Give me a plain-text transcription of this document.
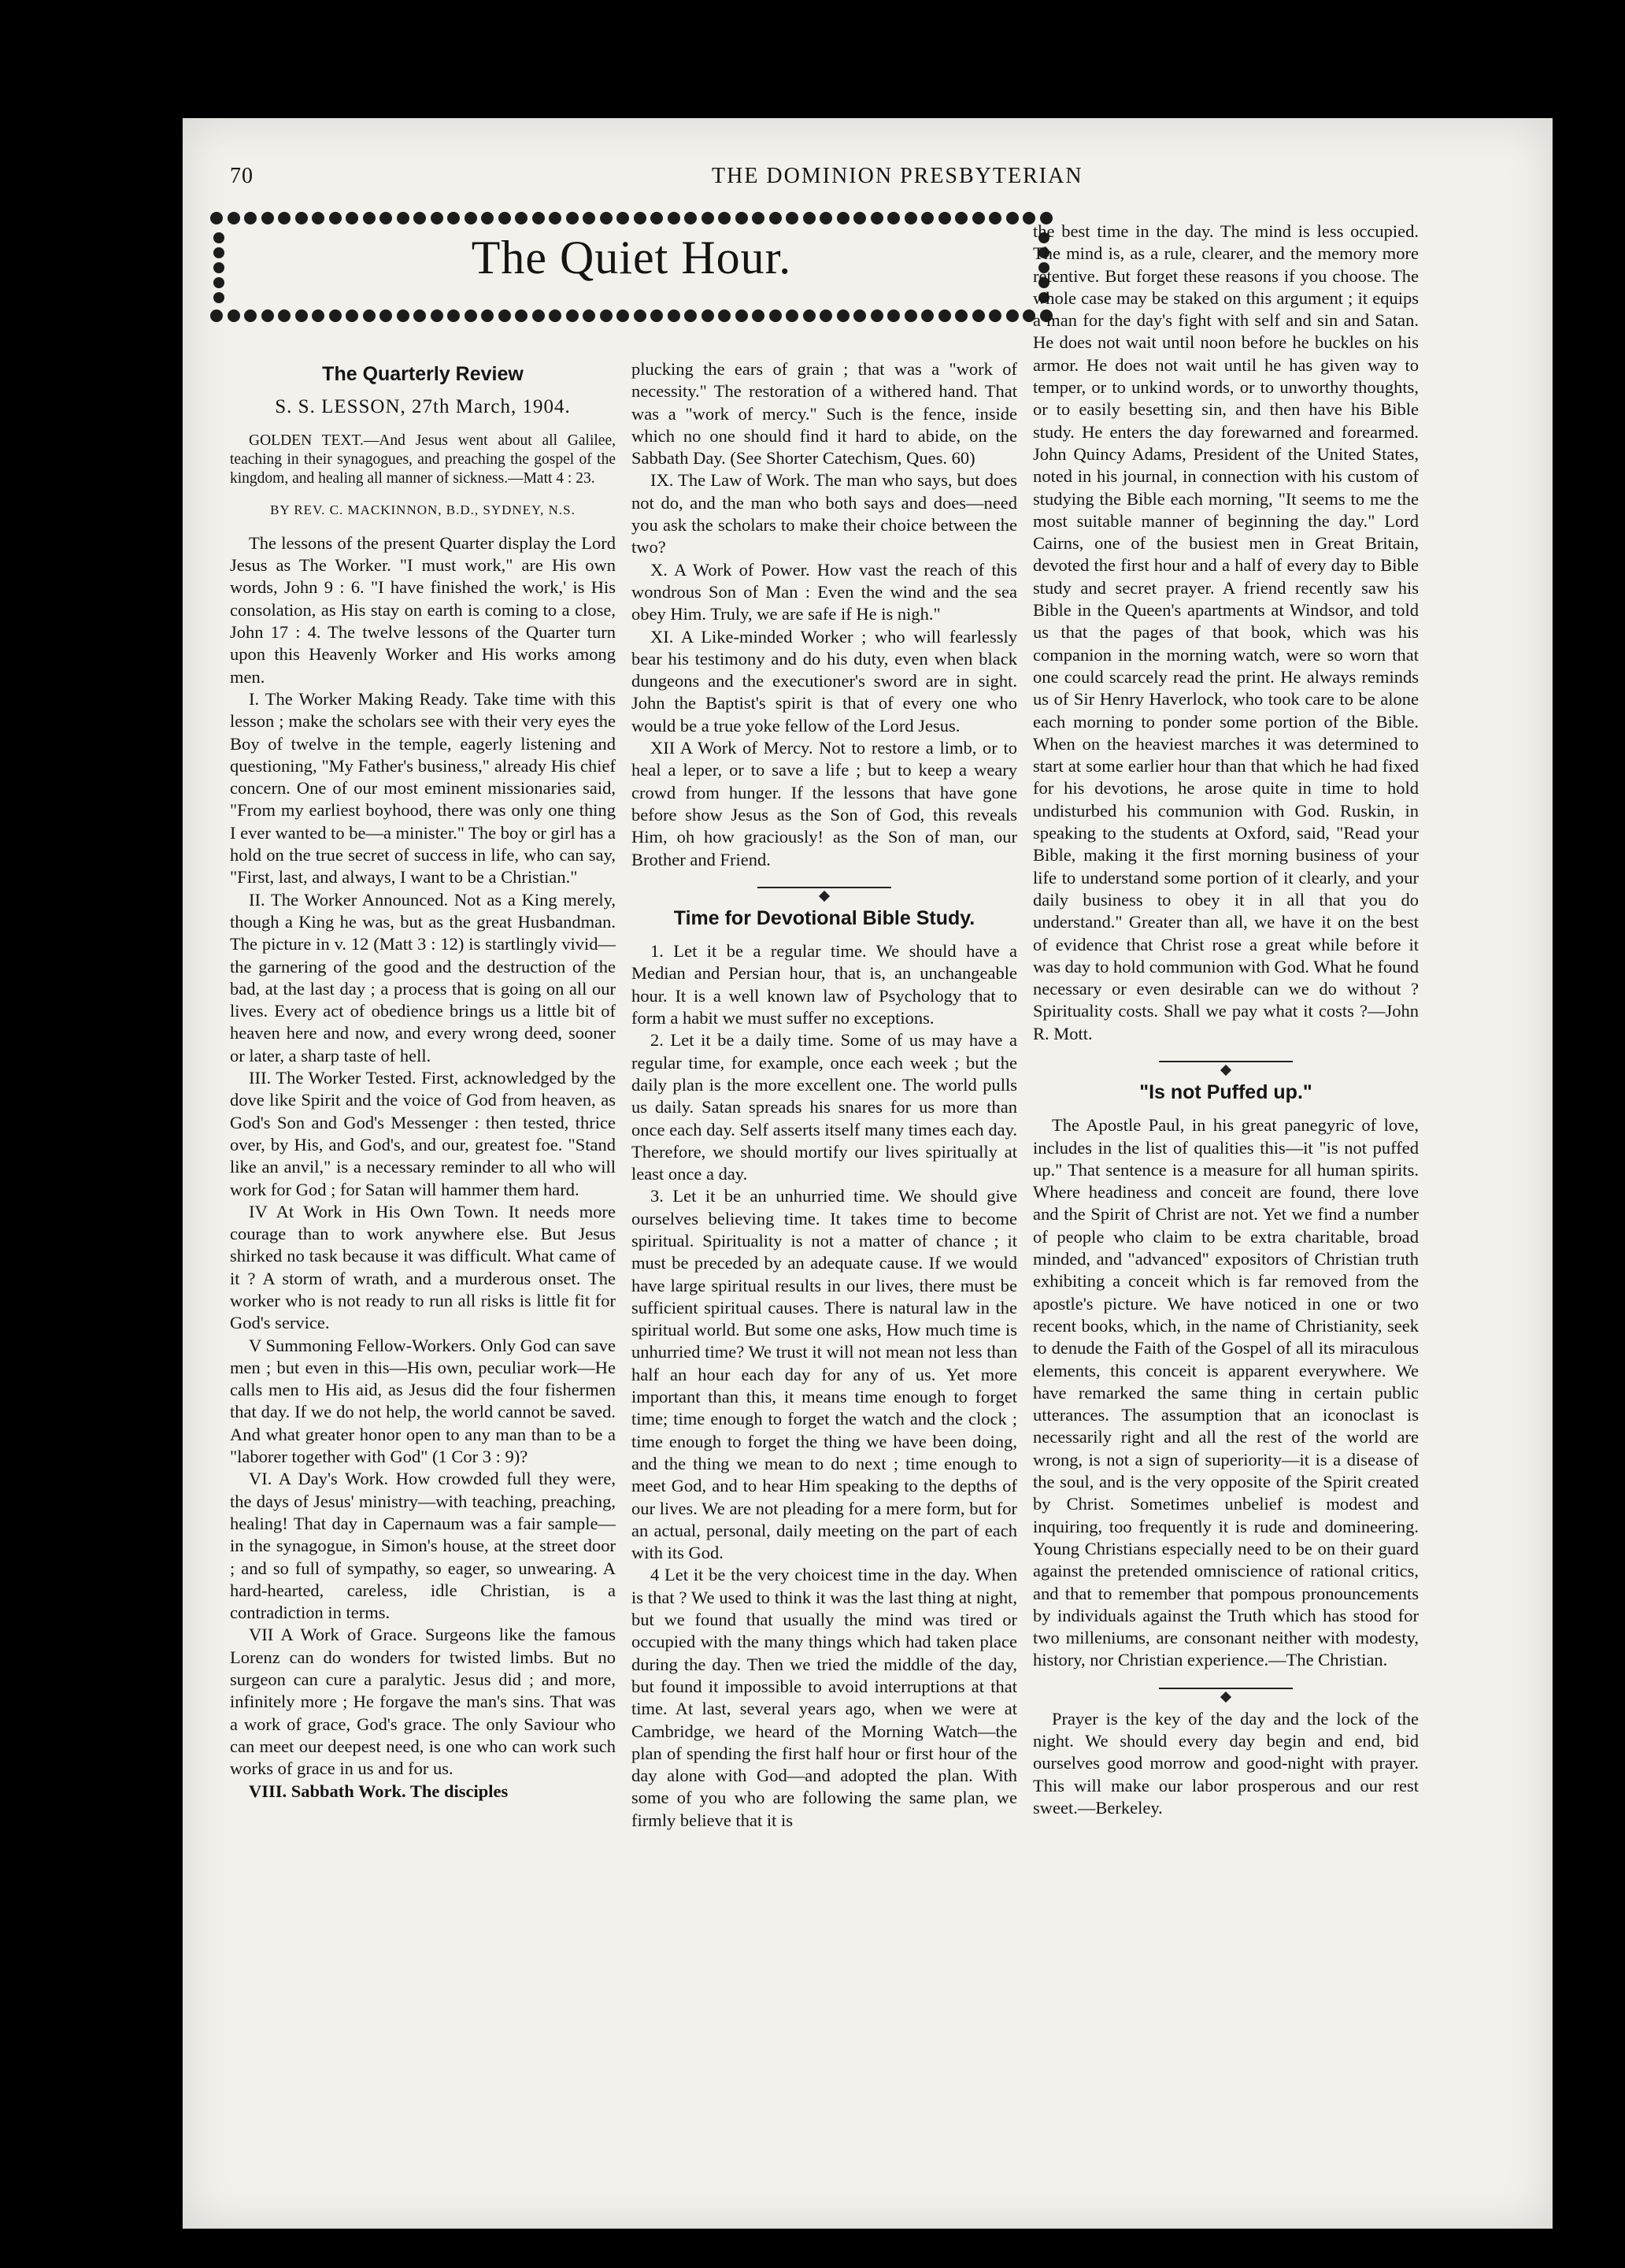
70	THE DOMINION PRESBYTERIAN
The Quiet Hour.
The Quarterly Review
S. S. LESSON, 27th March, 1904.

GOLDEN TEXT.—And Jesus went about all Galilee, teaching in their synagogues, and preaching the gospel of the kingdom, and healing all manner of sickness.—Matt 4 : 23.

BY REV. C. MACKINNON, B.D., SYDNEY, N.S.

The lessons of the present Quarter display the Lord Jesus as The Worker. "I must work," are His own words, John 9 : 6. "I have finished the work,' is His consolation, as His stay on earth is coming to a close, John 17 : 4. The twelve lessons of the Quarter turn upon this Heavenly Worker and His works among men.

I. The Worker Making Ready. Take time with this lesson ; make the scholars see with their very eyes the Boy of twelve in the temple, eagerly listening and questioning, "My Father's business," already His chief concern. One of our most eminent missionaries said, "From my earliest boyhood, there was only one thing I ever wanted to be—a minister." The boy or girl has a hold on the true secret of success in life, who can say, "First, last, and always, I want to be a Christian."

II. The Worker Announced. Not as a King merely, though a King he was, but as the great Husbandman. The picture in v. 12 (Matt 3 : 12) is startlingly vivid—the garnering of the good and the destruction of the bad, at the last day ; a process that is going on all our lives. Every act of obedience brings us a little bit of heaven here and now, and every wrong deed, sooner or later, a sharp taste of hell.

III. The Worker Tested. First, acknowledged by the dove like Spirit and the voice of God from heaven, as God's Son and God's Messenger : then tested, thrice over, by His, and God's, and our, greatest foe. "Stand like an anvil," is a necessary reminder to all who will work for God ; for Satan will hammer them hard.

IV At Work in His Own Town. It needs more courage than to work anywhere else. But Jesus shirked no task because it was difficult. What came of it ? A storm of wrath, and a murderous onset. The worker who is not ready to run all risks is little fit for God's service.

V Summoning Fellow-Workers. Only God can save men ; but even in this—His own, peculiar work—He calls men to His aid, as Jesus did the four fishermen that day. If we do not help, the world cannot be saved. And what greater honor open to any man than to be a "laborer together with God" (1 Cor 3 : 9)?

VI. A Day's Work. How crowded full they were, the days of Jesus' ministry—with teaching, preaching, healing! That day in Capernaum was a fair sample—in the synagogue, in Simon's house, at the street door ; and so full of sympathy, so eager, so unwearing. A hard-hearted, careless, idle Christian, is a contradiction in terms.

VII A Work of Grace. Surgeons like the famous Lorenz can do wonders for twisted limbs. But no surgeon can cure a paralytic. Jesus did ; and more, infinitely more ; He forgave the man's sins. That was a work of grace, God's grace. The only Saviour who can meet our deepest need, is one who can work such works of grace in us and for us.

VIII. Sabbath Work. The disciples

plucking the ears of grain ; that was a "work of necessity." The restoration of a withered hand. That was a "work of mercy." Such is the fence, inside which no one should find it hard to abide, on the Sabbath Day. (See Shorter Catechism, Ques. 60)

IX. The Law of Work. The man who says, but does not do, and the man who both says and does—need you ask the scholars to make their choice between the two?

X. A Work of Power. How vast the reach of this wondrous Son of Man : Even the wind and the sea obey Him. Truly, we are safe if He is nigh."

XI. A Like-minded Worker ; who will fearlessly bear his testimony and do his duty, even when black dungeons and the executioner's sword are in sight. John the Baptist's spirit is that of every one who would be a true yoke fellow of the Lord Jesus.

XII A Work of Mercy. Not to restore a limb, or to heal a leper, or to save a life ; but to keep a weary crowd from hunger. If the lessons that have gone before show Jesus as the Son of God, this reveals Him, oh how graciously! as the Son of man, our Brother and Friend.

Time for Devotional Bible Study.

1. Let it be a regular time. We should have a Median and Persian hour, that is, an unchangeable hour. It is a well known law of Psychology that to form a habit we must suffer no exceptions.

2. Let it be a daily time. Some of us may have a regular time, for example, once each week ; but the daily plan is the more excellent one. The world pulls us daily. Satan spreads his snares for us more than once each day. Self asserts itself many times each day. Therefore, we should mortify our lives spiritually at least once a day.

3. Let it be an unhurried time. We should give ourselves believing time. It takes time to become spiritual. Spirituality is not a matter of chance ; it must be preceded by an adequate cause. If we would have large spiritual results in our lives, there must be sufficient spiritual causes. There is natural law in the spiritual world. But some one asks, How much time is unhurried time? We trust it will not mean not less than half an hour each day for any of us. Yet more important than this, it means time enough to forget time; time enough to forget the watch and the clock ; time enough to forget the thing we have been doing, and the thing we mean to do next ; time enough to meet God, and to hear Him speaking to the depths of our lives. We are not pleading for a mere form, but for an actual, personal, daily meeting on the part of each with its God.

4 Let it be the very choicest time in the day. When is that ? We used to think it was the last thing at night, but we found that usually the mind was tired or occupied with the many things which had taken place during the day. Then we tried the middle of the day, but found it impossible to avoid interruptions at that time. At last, several years ago, when we were at Cambridge, we heard of the Morning Watch—the plan of spending the first half hour or first hour of the day alone with God—and adopted the plan. With some of you who are following the same plan, we firmly believe that it is

the best time in the day. The mind is less occupied. The mind is, as a rule, clearer, and the memory more retentive. But forget these reasons if you choose. The whole case may be staked on this argument ; it equips a man for the day's fight with self and sin and Satan. He does not wait until noon before he buckles on his armor. He does not wait until he has given way to temper, or to unkind words, or to unworthy thoughts, or to easily besetting sin, and then have his Bible study. He enters the day forewarned and forearmed. John Quincy Adams, President of the United States, noted in his journal, in connection with his custom of studying the Bible each morning, "It seems to me the most suitable manner of beginning the day." Lord Cairns, one of the busiest men in Great Britain, devoted the first hour and a half of every day to Bible study and secret prayer. A friend recently saw his Bible in the Queen's apartments at Windsor, and told us that the pages of that book, which was his companion in the morning watch, were so worn that one could scarcely read the print. He always reminds us of Sir Henry Haverlock, who took care to be alone each morning to ponder some portion of the Bible. When on the heaviest marches it was determined to start at some earlier hour than that which he had fixed for his devotions, he arose quite in time to hold undisturbed his communion with God. Ruskin, in speaking to the students at Oxford, said, "Read your Bible, making it the first morning business of your life to understand some portion of it clearly, and your daily business to obey it in all that you do understand." Greater than all, we have it on the best of evidence that Christ rose a great while before it was day to hold communion with God. What he found necessary or even desirable can we do without ? Spirituality costs. Shall we pay what it costs ?—John R. Mott.

"Is not Puffed up."

The Apostle Paul, in his great panegyric of love, includes in the list of qualities this—it "is not puffed up." That sentence is a measure for all human spirits. Where headiness and conceit are found, there love and the Spirit of Christ are not. Yet we find a number of people who claim to be extra charitable, broad minded, and "advanced" expositors of Christian truth exhibiting a conceit which is far removed from the apostle's picture. We have noticed in one or two recent books, which, in the name of Christianity, seek to denude the Faith of the Gospel of all its miraculous elements, this conceit is apparent everywhere. We have remarked the same thing in certain public utterances. The assumption that an iconoclast is necessarily right and all the rest of the world are wrong, is not a sign of superiority—it is a disease of the soul, and is the very opposite of the Spirit created by Christ. Sometimes unbelief is modest and inquiring, too frequently it is rude and domineering. Young Christians especially need to be on their guard against the pretended omniscience of rational critics, and that to remember that pompous pronouncements by individuals against the Truth which has stood for two milleniums, are consonant neither with modesty, history, nor Christian experience.—The Christian.

Prayer is the key of the day and the lock of the night. We should every day begin and end, bid ourselves good morrow and good-night with prayer. This will make our labor prosperous and our rest sweet.—Berkeley.
